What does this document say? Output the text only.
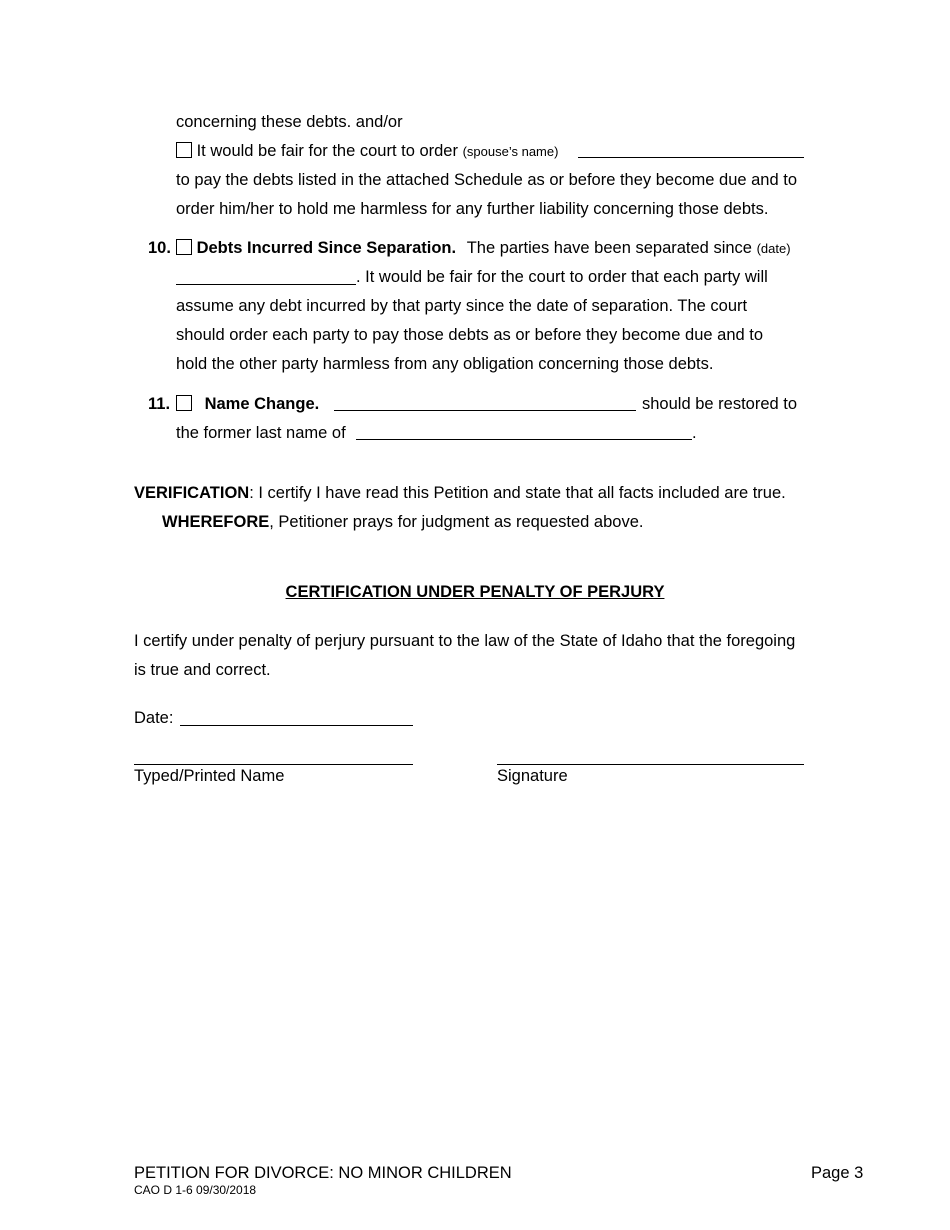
concerning these debts. and/or
It would be fair for the court to order (spouse’s name)
to pay the debts listed in the attached Schedule as or before they become due and to
order him/her to hold me harmless for any further liability concerning those debts.
10.	Debts Incurred Since Separation. The parties have been separated since (date)
. It would be fair for the court to order that each party will
assume any debt incurred by that party since the date of separation. The court
should order each party to pay those debts as or before they become due and to
hold the other party harmless from any obligation concerning those debts.
11.	Name Change.	should be restored to
the former last name of	.
VERIFICATION: I certify I have read this Petition and state that all facts included are true.
WHEREFORE, Petitioner prays for judgment as requested above.
CERTIFICATION UNDER PENALTY OF PERJURY
I certify under penalty of perjury pursuant to the law of the State of Idaho that the foregoing
is true and correct.
Date:
Typed/Printed Name	Signature
PETITION FOR DIVORCE: NO MINOR CHILDREN
CAO D 1-6 09/30/2018
Page 3
